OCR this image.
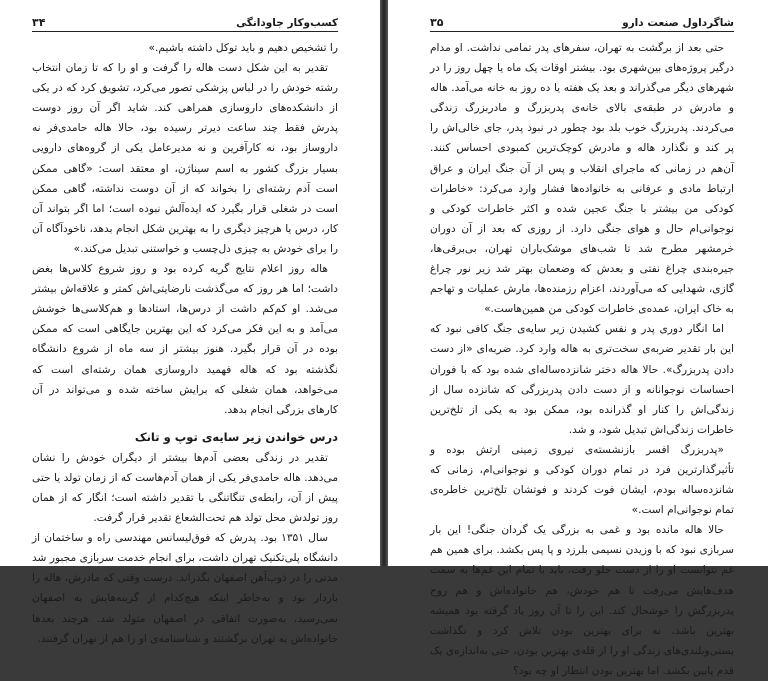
کسب‌وکار جاودانگی
۳۴

را تشخیص دهیم و باید توکل داشته باشیم.»

تقدیر به این شکل دست هاله را گرفت و او را که تا زمان انتخاب رشته خودش را در لباس پزشکی تصور می‌کرد، تشویق کرد که در یکی از دانشکده‌های داروسازی همراهی کند. شاید اگر آن روز دوست پدرش فقط چند ساعت دیرتر رسیده بود، حالا هاله حامدی‌فر نه داروساز بود، نه کارآفرین و نه مدیرعامل یکی از گروه‌های دارویی بسیار بزرگ کشور به اسم سیناژن، او معتقد است: «گاهی ممکن است آدم رشته‌ای را بخواند که از آن دوست نداشته، گاهی ممکن است در شغلی قرار بگیرد که ایده‌آلش نبوده است؛ اما اگر بتواند آن کار، درس یا هرچیز دیگری را به بهترین شکل انجام بدهد، ناخودآگاه آن را برای خودش به چیزی دل‌چسب و خواستنی تبدیل می‌کند.»

هاله روز اعلام نتایج گریه کرده بود و روز شروع کلاس‌ها بغض داشت؛ اما هر روز که می‌گذشت نارضایتی‌اش کمتر و علاقه‌اش بیشتر می‌شد. او کم‌کم داشت از درس‌ها، استادها و هم‌کلاسی‌ها خوشش می‌آمد و به این فکر می‌کرد که این بهترین جایگاهی است که ممکن بوده در آن قرار بگیرد. هنوز بیشتر از سه ماه از شروع دانشگاه نگذشته بود که هاله فهمید داروسازی همان رشته‌ای است که می‌خواهد، همان شغلی که برایش ساخته شده و می‌تواند در آن کارهای بزرگی انجام بدهد.

درس خواندن زیر سایه‌ی توپ و تانک

تقدیر در زندگی بعضی آدم‌ها بیشتر از دیگران خودش را نشان می‌دهد. هاله حامدی‌فر یکی از همان آدم‌هاست که از زمان تولد یا حتی پیش از آن، رابطه‌ی تنگاتنگی با تقدیر داشته است؛ انگار که از همان روز تولدش محل تولد هم تحت‌الشعاع تقدیر قرار گرفت.

سال ۱۳۵۱ بود. پدرش که فوق‌لیسانس مهندسی راه و ساختمان از دانشگاه پلی‌تکنیک تهران داشت، برای انجام خدمت سربازی مجبور شد مدتی را در ذوب‌آهن اصفهان بگذراند. درست وقتی که مادرش، هاله را باردار بود و به‌خاطر اینکه هیچ‌کدام از گزینه‌هایش به اصفهان نمی‌رسید، به‌صورت اتفاقی در اصفهان متولد شد. هرچند بعدها خانواده‌اش به تهران برگشتند و شناسنامه‌ی او را هم از تهران گرفتند.

شاگرداول صنعت دارو
۳۵

حتی بعد از برگشت به تهران، سفرهای پدر تمامی نداشت. او مدام درگیر پروژه‌های بین‌شهری بود. بیشتر اوقات یک ماه یا چهل روز را در شهرهای دیگر می‌گذراند و بعد یک هفته یا ده روز به خانه می‌آمد. هاله و مادرش در طبقه‌ی بالای خانه‌ی پدربزرگ و مادربزرگ زندگی می‌کردند. پدربزرگ خوب بلد بود چطور در نبود پدر، جای خالی‌اش را پر کند و نگذارد هاله و مادرش کوچک‌ترین کمبودی احساس کنند. آن‌هم در زمانی که ماجرای انقلاب و پس از آن جنگ ایران و عراق ارتباط مادی و عرفانی به خانواده‌ها فشار وارد می‌کرد: «خاطرات کودکی من بیشتر با جنگ عجین شده و اکثر خاطرات کودکی و نوجوانی‌ام حال و هوای جنگی دارد. از روزی که بعد از آن دوران خرمشهر مطرح شد تا شب‌های موشک‌باران تهران، بی‌برقی‌ها، جیره‌بندی چراغ نفتی و بعدش که وضعمان بهتر شد زیر نور چراغ گازی، شهدایی که می‌آوردند، اعزام رزمنده‌ها، مارش عملیات و تهاجم به خاک ایران، عمده‌ی خاطرات کودکی من همین‌هاست.»

اما انگار دوری پدر و نفس کشیدن زیر سایه‌ی جنگ کافی نبود که این بار تقدیر ضربه‌ی سخت‌تری به هاله وارد کرد. ضربه‌ای «از دست دادن پدربزرگ». حالا هاله دختر شانزده‌ساله‌ای شده بود که با فوران احساسات نوجوانانه و از دست دادن پدربزرگی که شانزده سال از زندگی‌اش را کنار او گذرانده بود، ممکن بود به یکی از تلخ‌ترین خاطرات زندگی‌اش تبدیل شود، و شد.

«پدربزرگ افسر بازنشسته‌ی نیروی زمینی ارتش بوده و تأثیرگذارترین فرد در تمام دوران کودکی و نوجوانی‌ام، زمانی که شانزده‌ساله بودم، ایشان فوت کردند و فوتشان تلخ‌ترین خاطره‌ی تمام نوجوانی‌ام است.»

حالا هاله مانده بود و غمی به بزرگی یک گردان جنگی! این بار سربازی نبود که با وزیدن نسیمی بلرزد و پا پس بکشد. برای همین هم غم نتوانست او را از دست جلو رفت، باید با تمام این غم‌ها به سمت هدف‌هایش می‌رفت تا هم خودش، هم خانواده‌اش و هم روح پدربزرگش را خوشحال کند. این را تا آن روز یاد گرفته بود همیشه بهترین باشد، نه برای بهترین بودن تلاش کرد و نگذاشت پستی‌وبلندی‌های زندگی او را از قله‌ی بهترین بودن، حتی به‌اندازه‌ی یک قدم پایین بکشد. اما بهترین بودن انتظار او چه بود؟
